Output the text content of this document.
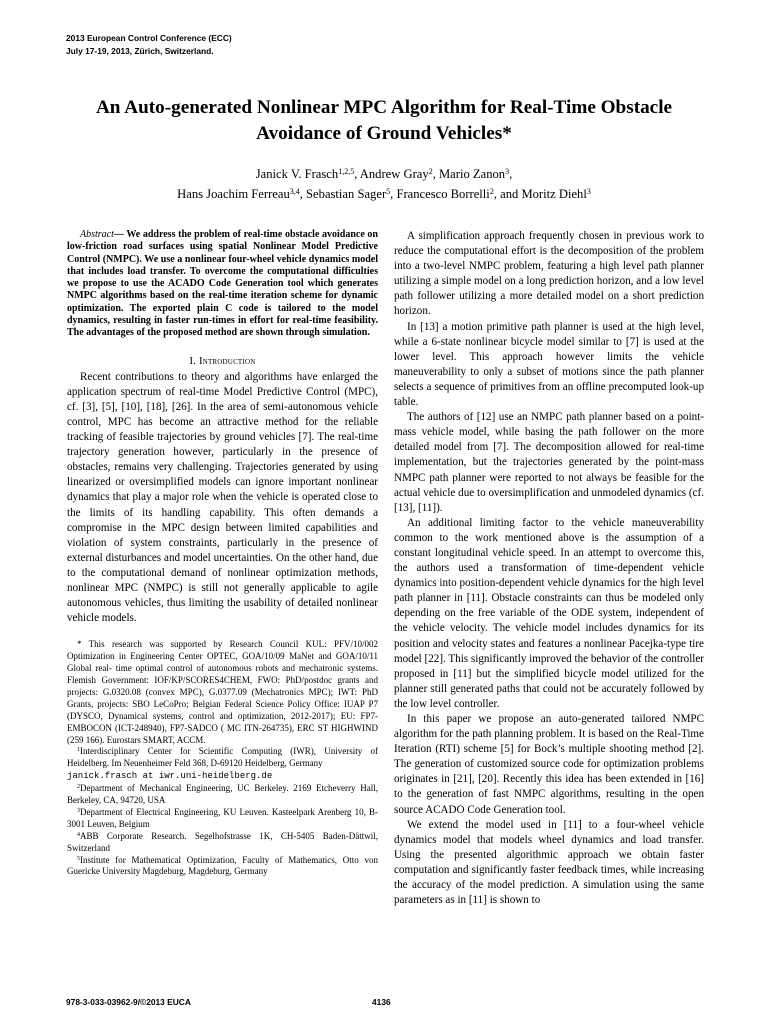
2013 European Control Conference (ECC)
July 17-19, 2013, Zürich, Switzerland.
An Auto-generated Nonlinear MPC Algorithm for Real-Time Obstacle
Avoidance of Ground Vehicles*
Janick V. Frasch$^{1,2,5}$, Andrew Gray$^2$, Mario Zanon$^3$,
Hans Joachim Ferreau$^{3,4}$, Sebastian Sager$^5$, Francesco Borrelli$^2$, and Moritz Diehl$^3$

Abstract— We address the problem of real-time obstacle avoidance on low-friction road surfaces using spatial Nonlinear Model Predictive Control (NMPC). We use a nonlinear four-wheel vehicle dynamics model that includes load transfer. To overcome the computational difficulties we propose to use the ACADO Code Generation tool which generates NMPC algorithms based on the real-time iteration scheme for dynamic optimization. The exported plain C code is tailored to the model dynamics, resulting in faster run-times in effort for real-time feasibility. The advantages of the proposed method are shown through simulation.

I. Introduction

Recent contributions to theory and algorithms have enlarged the application spectrum of real-time Model Predictive Control (MPC), cf. [3], [5], [10], [18], [26]. In the area of semi-autonomous vehicle control, MPC has become an attractive method for the reliable tracking of feasible trajectories by ground vehicles [7]. The real-time trajectory generation however, particularly in the presence of obstacles, remains very challenging. Trajectories generated by using linearized or oversimplified models can ignore important nonlinear dynamics that play a major role when the vehicle is operated close to the limits of its handling capability. This often demands a compromise in the MPC design between limited capabilities and violation of system constraints, particularly in the presence of external disturbances and model uncertainties. On the other hand, due to the computational demand of nonlinear optimization methods, nonlinear MPC (NMPC) is still not generally applicable to agile autonomous vehicles, thus limiting the usability of detailed nonlinear vehicle models.

* This research was supported by Research Council KUL: PFV/10/002 Optimization in Engineering Center OPTEC, GOA/10/09 MaNet and GOA/10/11 Global real- time optimal control of autonomous robots and mechatronic systems. Flemish Government: IOF/KP/SCORES4CHEM, FWO: PhD/postdoc grants and projects: G.0320.08 (convex MPC), G.0377.09 (Mechatronics MPC); IWT: PhD Grants, projects: SBO LeCoPro; Belgian Federal Science Policy Office: IUAP P7 (DYSCO, Dynamical systems, control and optimization, 2012-2017); EU: FP7-EMBOCON (ICT-248940), FP7-SADCO ( MC ITN-264735), ERC ST HIGHWIND (259 166). Eurostars SMART, ACCM.

$^1$Interdisciplinary Center for Scientific Computing (IWR), University of Heidelberg. Im Neuenheimer Feld 368, D-69120 Heidelberg, Germany
janick.frasch at iwr.uni-heidelberg.de

$^2$Department of Mechanical Engineering, UC Berkeley. 2169 Etcheverry Hall, Berkeley, CA, 94720, USA

$^3$Department of Electrical Engineering, KU Leuven. Kasteelpark Arenberg 10, B-3001 Leuven, Belgium

$^4$ABB Corporate Research. Segelhofstrasse 1K, CH-5405 Baden-Dättwil, Switzerland

$^5$Institute for Mathematical Optimization, Faculty of Mathematics, Otto von Guericke University Magdeburg, Magdeburg, Germany

A simplification approach frequently chosen in previous work to reduce the computational effort is the decomposition of the problem into a two-level NMPC problem, featuring a high level path planner utilizing a simple model on a long prediction horizon, and a low level path follower utilizing a more detailed model on a short prediction horizon.

In [13] a motion primitive path planner is used at the high level, while a 6-state nonlinear bicycle model similar to [7] is used at the lower level. This approach however limits the vehicle maneuverability to only a subset of motions since the path planner selects a sequence of primitives from an offline precomputed look-up table.

The authors of [12] use an NMPC path planner based on a point-mass vehicle model, while basing the path follower on the more detailed model from [7]. The decomposition allowed for real-time implementation, but the trajectories generated by the point-mass NMPC path planner were reported to not always be feasible for the actual vehicle due to oversimplification and unmodeled dynamics (cf. [13], [11]).

An additional limiting factor to the vehicle maneuverability common to the work mentioned above is the assumption of a constant longitudinal vehicle speed. In an attempt to overcome this, the authors used a transformation of time-dependent vehicle dynamics into position-dependent vehicle dynamics for the high level path planner in [11]. Obstacle constraints can thus be modeled only depending on the free variable of the ODE system, independent of the vehicle velocity. The vehicle model includes dynamics for its position and velocity states and features a nonlinear Pacejka-type tire model [22]. This significantly improved the behavior of the controller proposed in [11] but the simplified bicycle model utilized for the planner still generated paths that could not be accurately followed by the low level controller.

In this paper we propose an auto-generated tailored NMPC algorithm for the path planning problem. It is based on the Real-Time Iteration (RTI) scheme [5] for Bock’s multiple shooting method [2]. The generation of customized source code for optimization problems originates in [21], [20]. Recently this idea has been extended in [16] to the generation of fast NMPC algorithms, resulting in the open source ACADO Code Generation tool.

We extend the model used in [11] to a four-wheel vehicle dynamics model that models wheel dynamics and load transfer. Using the presented algorithmic approach we obtain faster computation and significantly faster feedback times, while increasing the accuracy of the model prediction. A simulation using the same parameters as in [11] is shown to

978-3-033-03962-9/©2013 EUCA	4136
